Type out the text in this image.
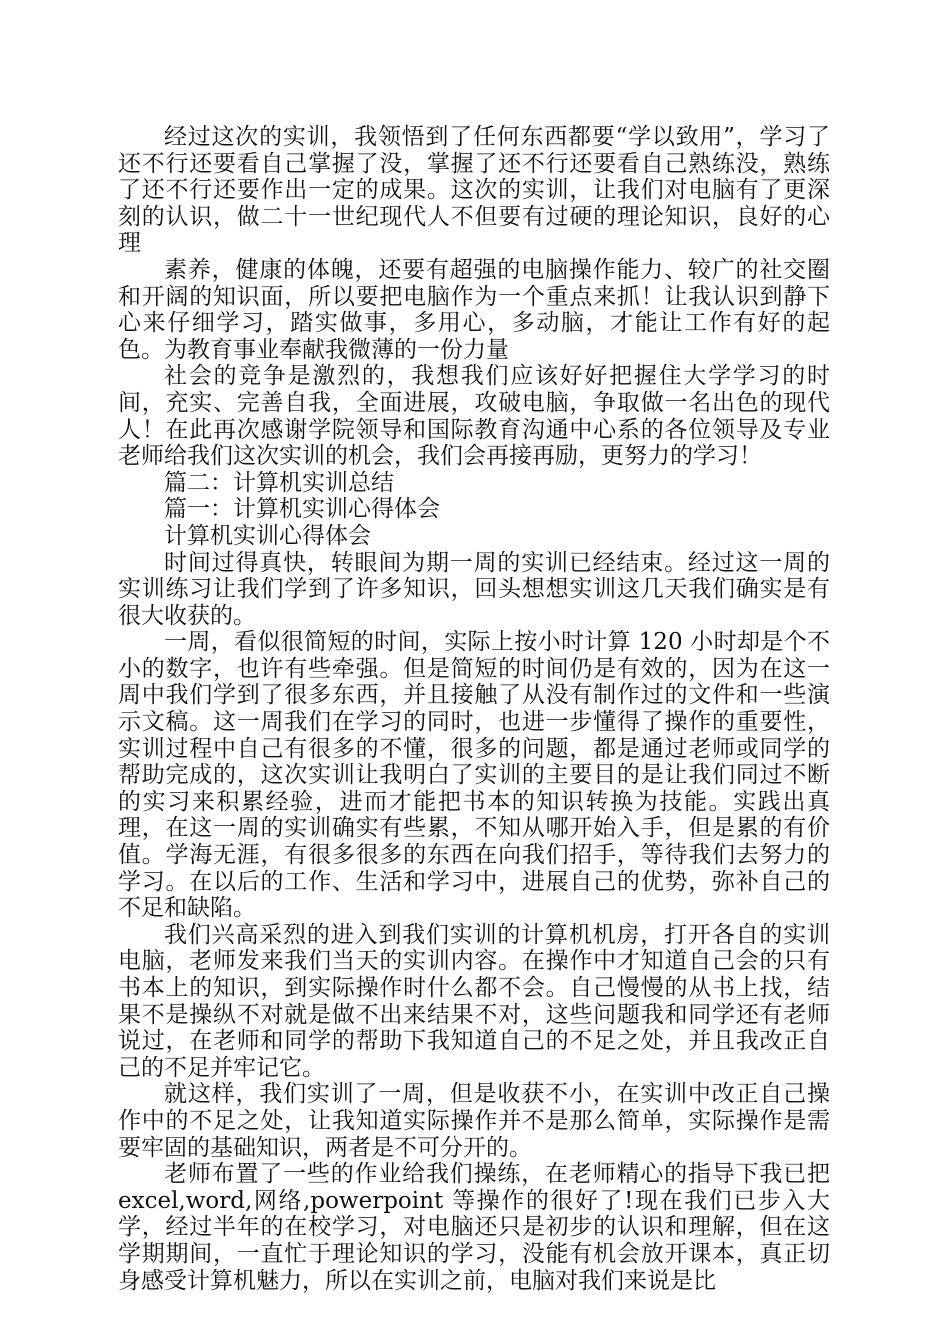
经过这次的实训，我领悟到了任何东西都要“学以致用”，学习了还不行还要看自己掌握了没，掌握了还不行还要看自己熟练没，熟练了还不行还要作出一定的成果。这次的实训，让我们对电脑有了更深刻的认识，做二十一世纪现代人不但要有过硬的理论知识，良好的心理

素养，健康的体魄，还要有超强的电脑操作能力、较广的社交圈和开阔的知识面，所以要把电脑作为一个重点来抓！让我认识到静下心来仔细学习，踏实做事，多用心，多动脑，才能让工作有好的起色。为教育事业奉献我微薄的一份力量

社会的竞争是激烈的，我想我们应该好好把握住大学学习的时间，充实、完善自我，全面进展，攻破电脑，争取做一名出色的现代人！在此再次感谢学院领导和国际教育沟通中心系的各位领导及专业老师给我们这次实训的机会，我们会再接再励，更努力的学习！

篇二：计算机实训总结

篇一：计算机实训心得体会

计算机实训心得体会

时间过得真快，转眼间为期一周的实训已经结束。经过这一周的实训练习让我们学到了许多知识，回头想想实训这几天我们确实是有很大收获的。

一周，看似很简短的时间，实际上按小时计算 120 小时却是个不小的数字，也许有些牵强。但是简短的时间仍是有效的，因为在这一周中我们学到了很多东西，并且接触了从没有制作过的文件和一些演示文稿。这一周我们在学习的同时，也进一步懂得了操作的重要性，实训过程中自己有很多的不懂，很多的问题，都是通过老师或同学的帮助完成的，这次实训让我明白了实训的主要目的是让我们同过不断的实习来积累经验，进而才能把书本的知识转换为技能。实践出真理，在这一周的实训确实有些累，不知从哪开始入手，但是累的有价值。学海无涯，有很多很多的东西在向我们招手，等待我们去努力的学习。在以后的工作、生活和学习中，进展自己的优势，弥补自己的不足和缺陷。

我们兴高采烈的进入到我们实训的计算机机房，打开各自的实训电脑，老师发来我们当天的实训内容。在操作中才知道自己会的只有书本上的知识，到实际操作时什么都不会。自己慢慢的从书上找，结果不是操纵不对就是做不出来结果不对，这些问题我和同学还有老师说过，在老师和同学的帮助下我知道自己的不足之处，并且我改正自己的不足并牢记它。

就这样，我们实训了一周，但是收获不小，在实训中改正自己操作中的不足之处，让我知道实际操作并不是那么简单，实际操作是需要牢固的基础知识，两者是不可分开的。

老师布置了一些的作业给我们操练，在老师精心的指导下我已把 excel,word,网络,powerpoint 等操作的很好了!现在我们已步入大学，经过半年的在校学习，对电脑还只是初步的认识和理解，但在这学期期间，一直忙于理论知识的学习，没能有机会放开课本，真正切身感受计算机魅力，所以在实训之前，电脑对我们来说是比
